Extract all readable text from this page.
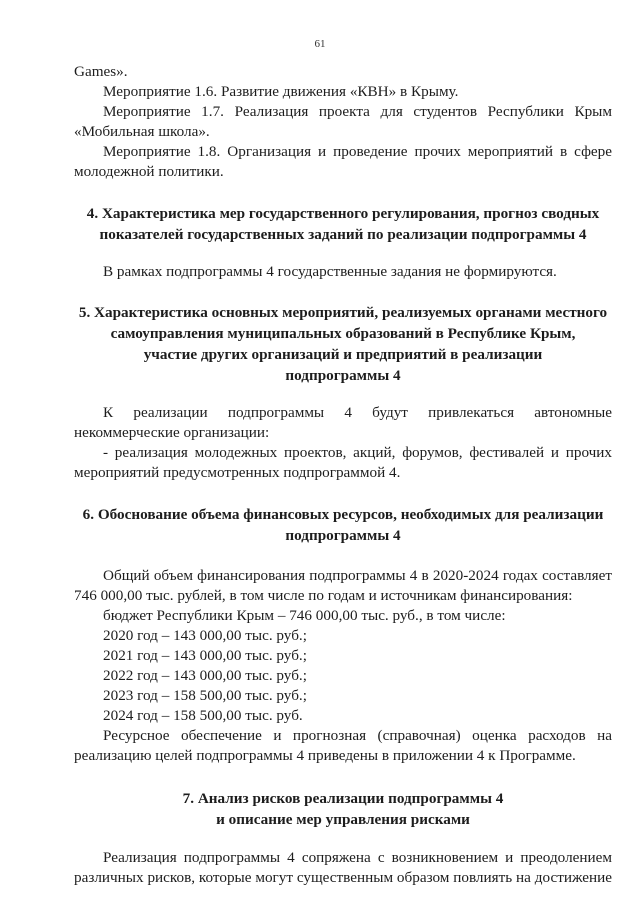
61

Games».

Мероприятие 1.6. Развитие движения «КВН» в Крыму.

Мероприятие 1.7. Реализация проекта для студентов Республики Крым

«Мобильная школа».

Мероприятие 1.8. Организация и проведение прочих мероприятий в сфере

молодежной политики.

4. Характеристика мер государственного регулирования, прогноз сводных
показателей государственных заданий по реализации подпрограммы 4

В рамках подпрограммы 4 государственные задания не формируются.

5. Характеристика основных мероприятий, реализуемых органами местного
самоуправления муниципальных образований в Республике Крым,
участие других организаций и предприятий в реализации
подпрограммы 4

К реализации подпрограммы 4 будут привлекаться автономные

некоммерческие организации:

- реализация молодежных проектов, акций, форумов, фестивалей и прочих

мероприятий предусмотренных подпрограммой 4.

6. Обоснование объема финансовых ресурсов, необходимых для реализации
подпрограммы 4

Общий объем финансирования подпрограммы 4 в 2020-2024 годах составляет

746 000,00 тыс. рублей, в том числе по годам и источникам финансирования:

бюджет Республики Крым – 746 000,00 тыс. руб., в том числе:

2020 год – 143 000,00 тыс. руб.;

2021 год – 143 000,00 тыс. руб.;

2022 год – 143 000,00 тыс. руб.;

2023 год – 158 500,00 тыс. руб.;

2024 год – 158 500,00 тыс. руб.

Ресурсное обеспечение и прогнозная (справочная) оценка расходов на

реализацию целей подпрограммы 4 приведены в приложении 4 к Программе.

7. Анализ рисков реализации подпрограммы 4
и описание мер управления рисками

Реализация подпрограммы 4 сопряжена с возникновением и преодолением

различных рисков, которые могут существенным образом повлиять на достижение
